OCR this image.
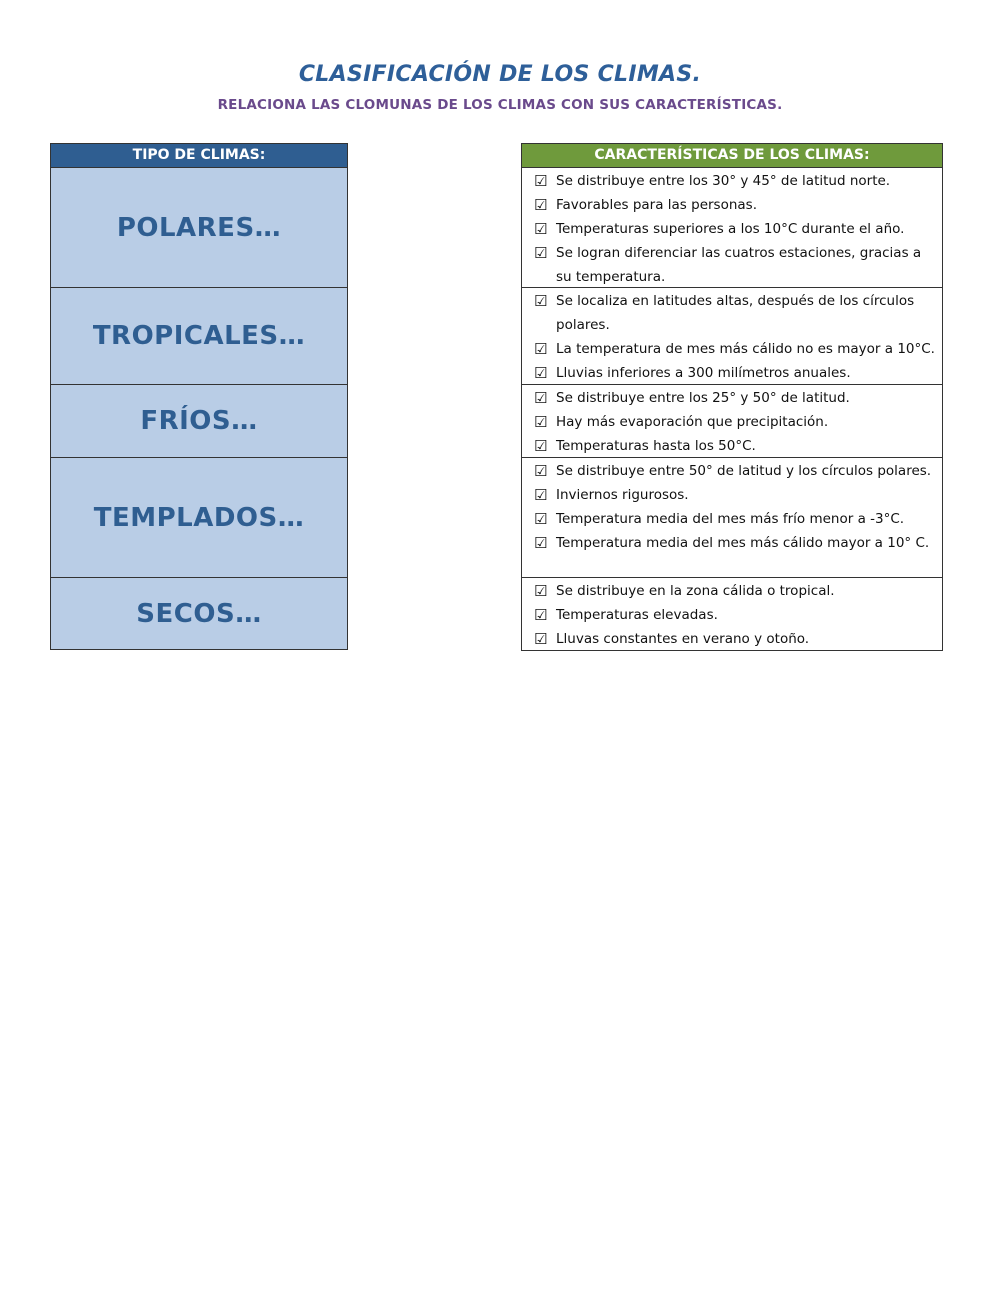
CLASIFICACIÓN DE LOS CLIMAS.
RELACIONA LAS CLOMUNAS DE LOS CLIMAS CON SUS CARACTERÍSTICAS.
TIPO DE CLIMAS:
POLARES…
TROPICALES…
FRÍOS…
TEMPLADOS…
SECOS…
CARACTERÍSTICAS DE LOS CLIMAS:
☑ Se distribuye entre los 30° y 45° de latitud norte.
☑ Favorables para las personas.
☑ Temperaturas superiores a los 10°C durante el año.
☑ Se logran diferenciar las cuatros estaciones, gracias a su temperatura.
☑ Se localiza en latitudes altas, después de los círculos polares.
☑ La temperatura de mes más cálido no es mayor a 10°C.
☑ Lluvias inferiores a 300 milímetros anuales.
☑ Se distribuye entre los 25° y 50° de latitud.
☑ Hay más evaporación que precipitación.
☑ Temperaturas hasta los 50°C.
☑ Se distribuye entre 50° de latitud y los círculos polares.
☑ Inviernos rigurosos.
☑ Temperatura media del mes más frío menor a -3°C.
☑ Temperatura media del mes más cálido mayor a 10° C.
☑ Se distribuye en la zona cálida o tropical.
☑ Temperaturas elevadas.
☑ Lluvas constantes en verano y otoño.
